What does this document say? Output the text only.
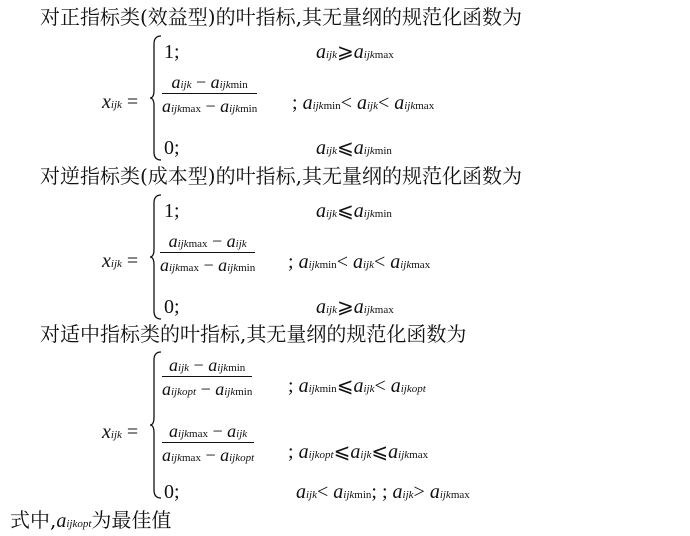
对正指标类(效益型)的叶指标,其无量纲的规范化函数为
xijk =
1;	aijk⩾aijkmax
aijk − aijkmin
aijkmax − aijkmin ; aijkmin< aijk< aijkmax
0;	aijk⩽aijkmin
对逆指标类(成本型)的叶指标,其无量纲的规范化函数为
xijk =
1;	aijk⩽aijkmin
aijkmax − aijk
aijkmax − aijkmin ; aijkmin< aijk< aijkmax
0;	aijk⩾aijkmax
对适中指标类的叶指标,其无量纲的规范化函数为
xijk =
aijk − aijkmin
aijkopt − aijkmin ; aijkmin⩽aijk< aijkopt
aijkmax − aijk
aijkmax − aijkopt ; aijkopt⩽aijk⩽aijkmax
0;	aijk< aijkmin; ; aijk> aijkmax
式中,aijkopt为最佳值
